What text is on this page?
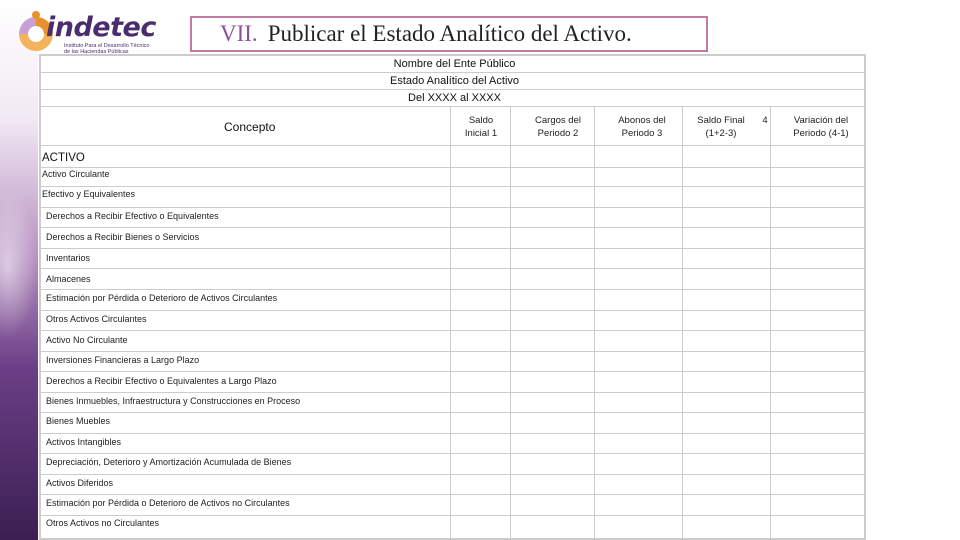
indetec
Instituto Para el Desarrollo Técnico
de las Haciendas Públicas
VII. Publicar el Estado Analítico del Activo.
Nombre del Ente Público
Estado Analítico del Activo
Del XXXX al XXXX
Concepto
ACTIVO
Saldo
Inicial 1
Cargos del
Periodo 2
Abonos del
Periodo 3
Saldo Final
(1+2-3)
4	Variación del
Periodo (4-1)
Activo Circulante
Efectivo y Equivalentes
Derechos a Recibir Efectivo o Equivalentes
Derechos a Recibir Bienes o Servicios
Inventarios
Almacenes
Estimación por Pérdida o Deterioro de Activos Circulantes
Otros Activos Circulantes
Activo No Circulante
Inversiones Financieras a Largo Plazo
Derechos a Recibir Efectivo o Equivalentes a Largo Plazo
Bienes Inmuebles, Infraestructura y Construcciones en Proceso
Bienes Muebles
Activos Intangibles
Depreciación, Deterioro y Amortización Acumulada de Bienes
Activos Diferidos
Estimación por Pérdida o Deterioro de Activos no Circulantes
Otros Activos no Circulantes
